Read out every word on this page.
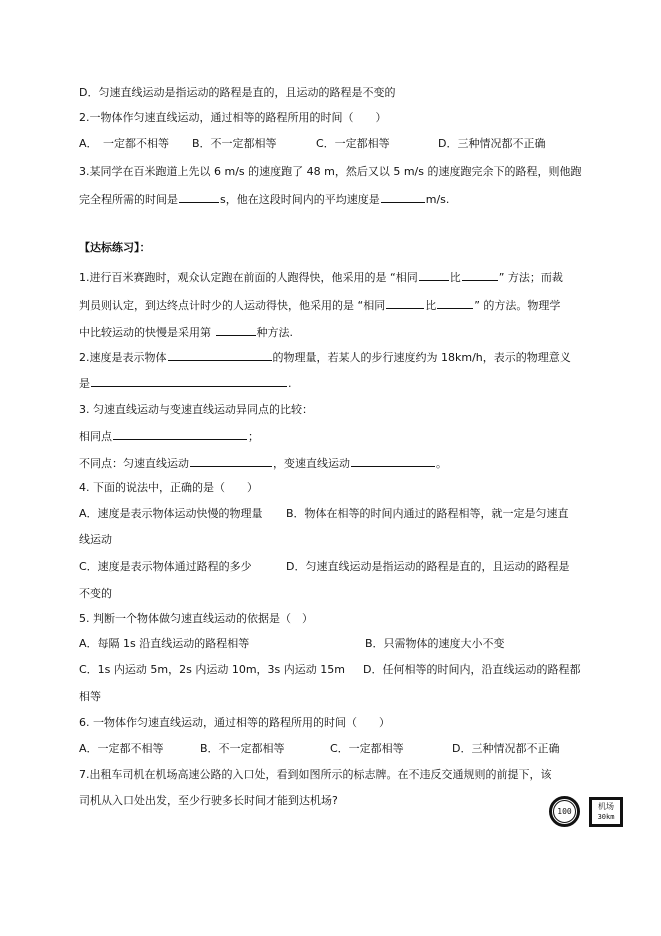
D．匀速直线运动是指运动的路程是直的，且运动的路程是不变的
2.一物体作匀速直线运动，通过相等的路程所用的时间（　　）
A．　一定都不相等 B．不一定都相等	C．一定都相等	D．三种情况都不正确
3.某同学在百米跑道上先以 6 m/s 的速度跑了 48 m，然后又以 5 m/s 的速度跑完余下的路程，则他跑
完全程所需的时间是	s，他在这段时间内的平均速度是	m/s.
【达标练习】：
1.进行百米赛跑时，观众认定跑在前面的人跑得快，他采用的是 “相同	比	” 方法；而裁
判员则认定，到达终点计时少的人运动得快，他采用的是 “相同	比	” 的方法。物理学
中比较运动的快慢是采用第	种方法.
2.速度是表示物体	的物理量，若某人的步行速度约为 18km/h，表示的物理意义
是	.
3. 匀速直线运动与变速直线运动异同点的比较：
相同点	；
不同点：匀速直线运动	，变速直线运动	。
4. 下面的说法中，正确的是（　　）
A．速度是表示物体运动快慢的物理量 B．物体在相等的时间内通过的路程相等，就一定是匀速直
线运动
C．速度是表示物体通过路程的多少	D．匀速直线运动是指运动的路程是直的，且运动的路程是
不变的
5. 判断一个物体做匀速直线运动的依据是（　）
A．每隔 1s 沿直线运动的路程相等	B．只需物体的速度大小不变
C．1s 内运动 5m，2s 内运动 10m，3s 内运动 15m D．任何相等的时间内，沿直线运动的路程都
相等
6. 一物体作匀速直线运动，通过相等的路程所用的时间（　　）
A．一定都不相等	B．不一定都相等	C．一定都相等	D．三种情况都不正确
7.出租车司机在机场高速公路的入口处，看到如图所示的标志牌。在不违反交通规则的前提下，该
司机从入口处出发，至少行驶多长时间才能到达机场?
100
机场
30km
